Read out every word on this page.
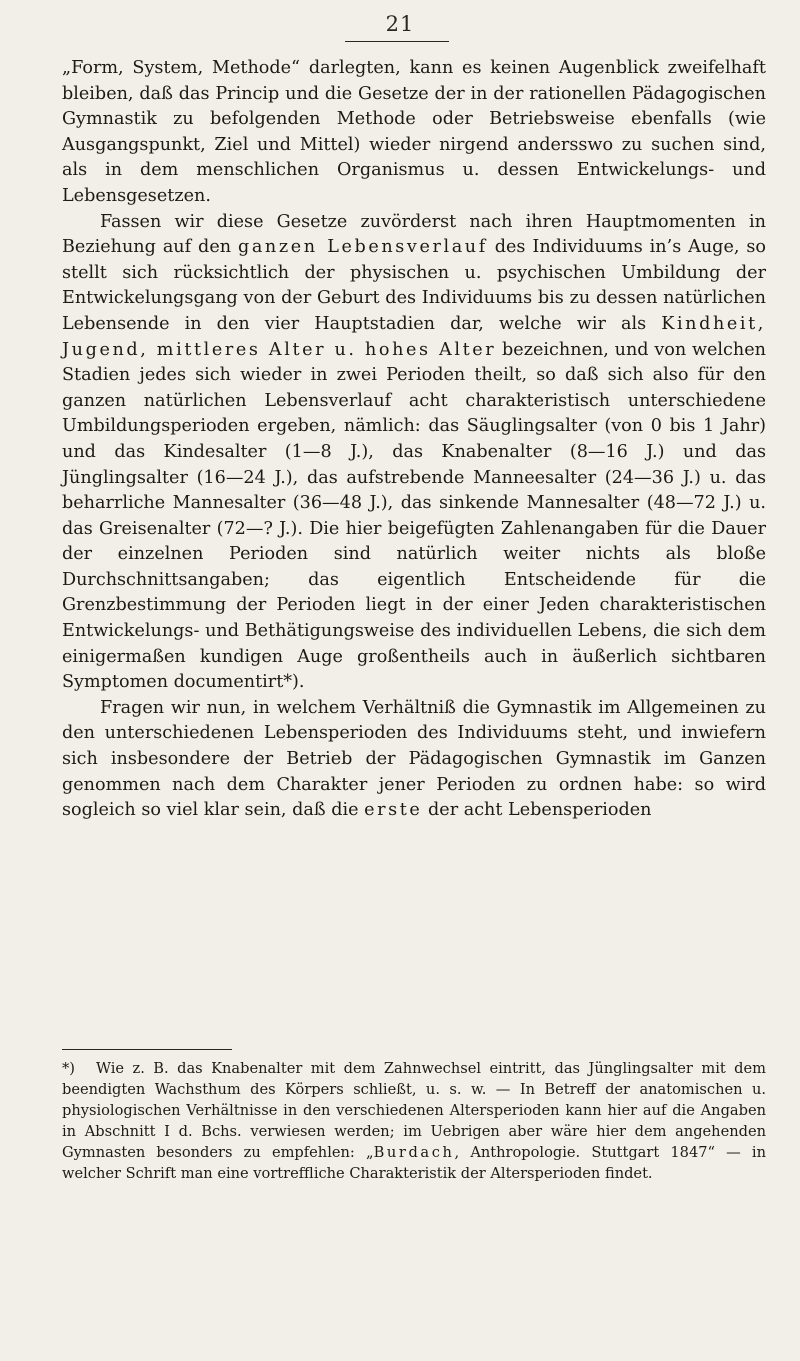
21

„Form, System, Methode“ darlegten, kann es keinen Augenblick zweifelhaft bleiben, daß das Princip und die Gesetze der in der rationellen Pädagogischen Gymnastik zu befolgenden Methode oder Betriebsweise ebenfalls (wie Ausgangspunkt, Ziel und Mittel) wieder nirgend andersswo zu suchen sind, als in dem menschlichen Organismus u. dessen Entwickelungs- und Lebensgesetzen.

Fassen wir diese Gesetze zuvörderst nach ihren Hauptmomenten in Beziehung auf den ganzen Lebensverlauf des Individuums in’s Auge, so stellt sich rücksichtlich der physischen u. psychischen Umbildung der Entwickelungsgang von der Geburt des Individuums bis zu dessen natürlichen Lebensende in den vier Hauptstadien dar, welche wir als Kindheit, Jugend, mittleres Alter u. hohes Alter bezeichnen, und von welchen Stadien jedes sich wieder in zwei Perioden theilt, so daß sich also für den ganzen natürlichen Lebensverlauf acht charakteristisch unterschiedene Umbildungsperioden ergeben, nämlich: das Säuglingsalter (von 0 bis 1 Jahr) und das Kindesalter (1—8 J.), das Knabenalter (8—16 J.) und das Jünglingsalter (16—24 J.), das aufstrebende Manneesalter (24—36 J.) u. das beharrliche Mannesalter (36—48 J.), das sinkende Mannesalter (48—72 J.) u. das Greisenalter (72—? J.). Die hier beigefügten Zahlenangaben für die Dauer der einzelnen Perioden sind natürlich weiter nichts als bloße Durchschnittsangaben; das eigentlich Entscheidende für die Grenzbestimmung der Perioden liegt in der einer Jeden charakteristischen Entwickelungs- und Bethätigungsweise des individuellen Lebens, die sich dem einigermaßen kundigen Auge großentheils auch in äußerlich sichtbaren Symptomen documentirt*).

Fragen wir nun, in welchem Verhältniß die Gymnastik im Allgemeinen zu den unterschiedenen Lebensperioden des Individuums steht, und inwiefern sich insbesondere der Betrieb der Pädagogischen Gymnastik im Ganzen genommen nach dem Charakter jener Perioden zu ordnen habe: so wird sogleich so viel klar sein, daß die erste der acht Lebensperioden

*) Wie z. B. das Knabenalter mit dem Zahnwechsel eintritt, das Jünglingsalter mit dem beendigten Wachsthum des Körpers schließt, u. s. w. — In Betreff der anatomischen u. physiologischen Verhältnisse in den verschiedenen Altersperioden kann hier auf die Angaben in Abschnitt I d. Bchs. verwiesen werden; im Uebrigen aber wäre hier dem angehenden Gymnasten besonders zu empfehlen: „Burdach, Anthropologie. Stuttgart 1847“ — in welcher Schrift man eine vortreffliche Charakteristik der Altersperioden findet.
